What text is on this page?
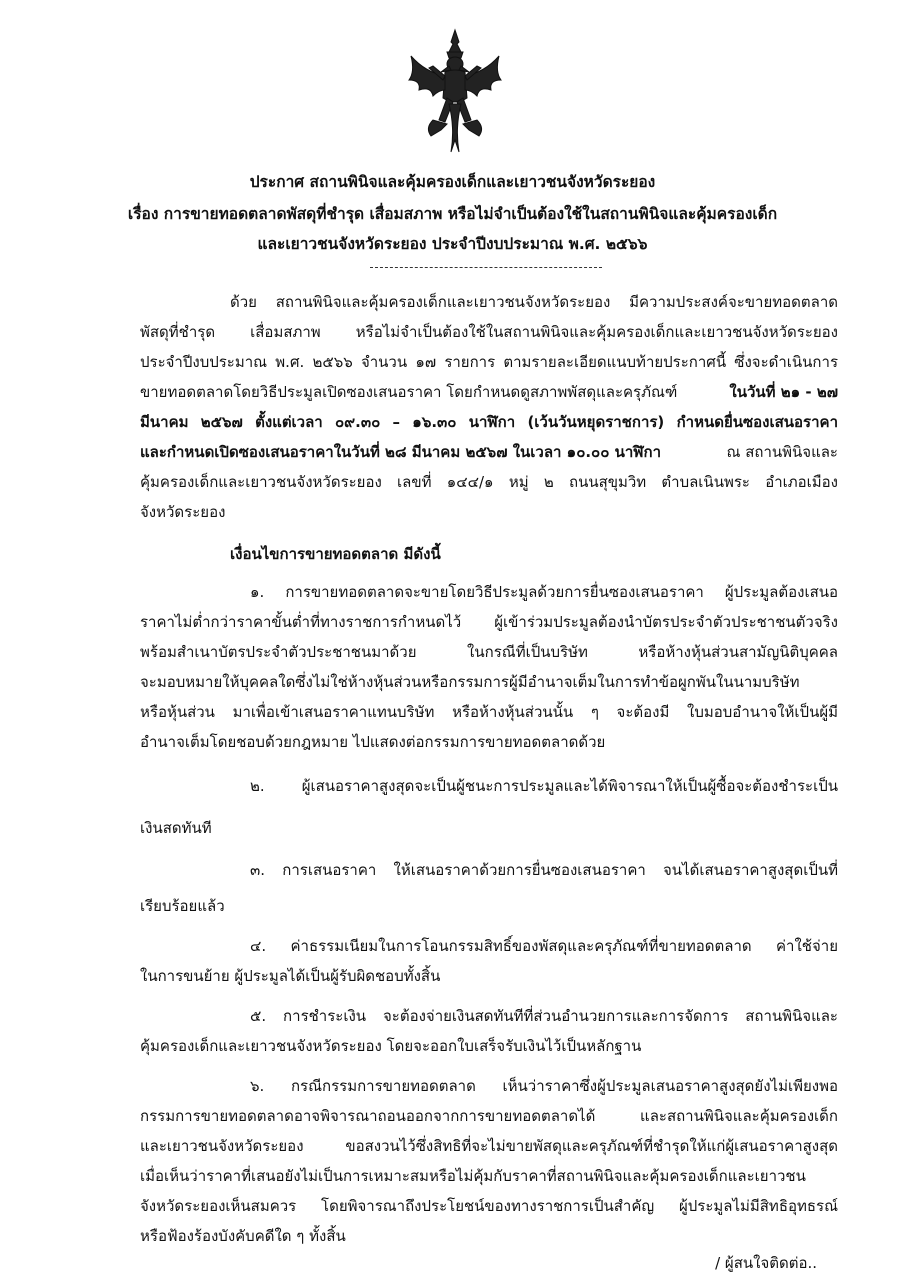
ประกาศ สถานพินิจและคุ้มครองเด็กและเยาวชนจังหวัดระยอง
เรื่อง การขายทอดตลาดพัสดุที่ชำรุด เสื่อมสภาพ หรือไม่จำเป็นต้องใช้ในสถานพินิจและคุ้มครองเด็ก
และเยาวชนจังหวัดระยอง ประจำปีงบประมาณ พ.ศ. ๒๕๖๖
ด้วย สถานพินิจและคุ้มครองเด็กและเยาวชนจังหวัดระยอง มีความประสงค์จะขายทอดตลาด
พัสดุที่ชำรุด เสื่อมสภาพ หรือไม่จำเป็นต้องใช้ในสถานพินิจและคุ้มครองเด็กและเยาวชนจังหวัดระยอง
ประจำปีงบประมาณ พ.ศ. ๒๕๖๖ จำนวน ๑๗ รายการ ตามรายละเอียดแนบท้ายประกาศนี้ ซึ่งจะดำเนินการ
ขายทอดตลาดโดยวิธีประมูลเปิดซองเสนอราคา โดยกำหนดดูสภาพพัสดุและครุภัณฑ์	ในวันที่ ๒๑ - ๒๗
มีนาคม ๒๕๖๗ ตั้งแต่เวลา ๐๙.๓๐ – ๑๖.๓๐ นาฬิกา (เว้นวันหยุดราชการ) กำหนดยื่นซองเสนอราคา
และกำหนดเปิดซองเสนอราคาในวันที่ ๒๘ มีนาคม ๒๕๖๗ ในเวลา ๑๐.๐๐ นาฬิกา	ณ สถานพินิจและ
คุ้มครองเด็กและเยาวชนจังหวัดระยอง เลขที่ ๑๔๔/๑ หมู่ ๒ ถนนสุขุมวิท ตำบลเนินพระ อำเภอเมือง
จังหวัดระยอง
เงื่อนไขการขายทอดตลาด มีดังนี้
๑. การขายทอดตลาดจะขายโดยวิธีประมูลด้วยการยื่นซองเสนอราคา ผู้ประมูลต้องเสนอ
ราคาไม่ต่ำกว่าราคาขั้นต่ำที่ทางราชการกำหนดไว้ ผู้เข้าร่วมประมูลต้องนำบัตรประจำตัวประชาชนตัวจริง
พร้อมสำเนาบัตรประจำตัวประชาชนมาด้วย ในกรณีที่เป็นบริษัท หรือห้างหุ้นส่วนสามัญนิติบุคคล
จะมอบหมายให้บุคคลใดซึ่งไม่ใช่ห้างหุ้นส่วนหรือกรรมการผู้มีอำนาจเต็มในการทำข้อผูกพันในนามบริษัท
หรือหุ้นส่วน มาเพื่อเข้าเสนอราคาแทนบริษัท หรือห้างหุ้นส่วนนั้น ๆ จะต้องมี ใบมอบอำนาจให้เป็นผู้มี
อำนาจเต็มโดยชอบด้วยกฎหมาย ไปแสดงต่อกรรมการขายทอดตลาดด้วย
๒. ผู้เสนอราคาสูงสุดจะเป็นผู้ชนะการประมูลและได้พิจารณาให้เป็นผู้ซื้อจะต้องชำระเป็น
เงินสดทันที
๓. การเสนอราคา ให้เสนอราคาด้วยการยื่นซองเสนอราคา จนได้เสนอราคาสูงสุดเป็นที่
เรียบร้อยแล้ว
๔. ค่าธรรมเนียมในการโอนกรรมสิทธิ์ของพัสดุและครุภัณฑ์ที่ขายทอดตลาด ค่าใช้จ่าย
ในการขนย้าย ผู้ประมูลได้เป็นผู้รับผิดชอบทั้งสิ้น
๕. การชำระเงิน จะต้องจ่ายเงินสดทันทีที่ส่วนอำนวยการและการจัดการ สถานพินิจและ
คุ้มครองเด็กและเยาวชนจังหวัดระยอง โดยจะออกใบเสร็จรับเงินไว้เป็นหลักฐาน
๖. กรณีกรรมการขายทอดตลาด เห็นว่าราคาซึ่งผู้ประมูลเสนอราคาสูงสุดยังไม่เพียงพอ
กรรมการขายทอดตลาดอาจพิจารณาถอนออกจากการขายทอดตลาดได้ และสถานพินิจและคุ้มครองเด็ก
และเยาวชนจังหวัดระยอง ขอสงวนไว้ซึ่งสิทธิที่จะไม่ขายพัสดุและครุภัณฑ์ที่ชำรุดให้แก่ผู้เสนอราคาสูงสุด
เมื่อเห็นว่าราคาที่เสนอยังไม่เป็นการเหมาะสมหรือไม่คุ้มกับราคาที่สถานพินิจและคุ้มครองเด็กและเยาวชน
จังหวัดระยองเห็นสมควร โดยพิจารณาถึงประโยชน์ของทางราชการเป็นสำคัญ ผู้ประมูลไม่มีสิทธิอุทธรณ์
หรือฟ้องร้องบังคับคดีใด ๆ ทั้งสิ้น
/ ผู้สนใจติดต่อ..
